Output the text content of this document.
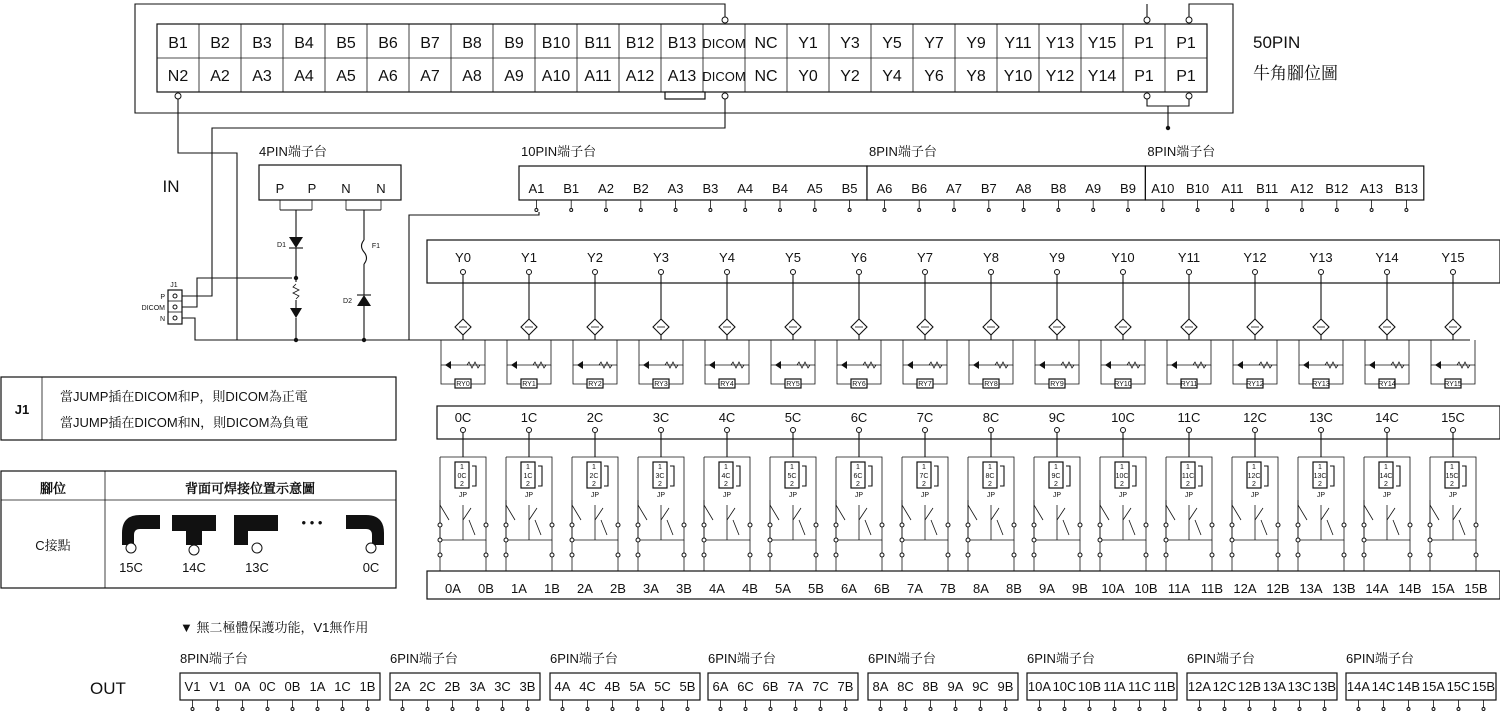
B1 B2 B3 B4 B5 B6 B7 B8 B9 B10 B11 B12 B13 DICOM NC Y1 Y3 Y5 Y7 Y9 Y11 Y13 Y15 P1 P1
N2 A2 A3 A4 A5 A6 A7 A8 A9 A10 A11 A12 A13 DICOM NC Y0 Y2 Y4 Y6 Y8 Y10 Y12 Y14 P1 P1
50PIN
牛角腳位圖
IN
J1
P
DICOM
N
P P N N
D1	F1
D2
4PIN端子台	10PIN端子台
A1 B1 A2 B2 A3 B3 A4 B4 A5 B5
8PIN端子台
A6 B6 A7 B7 A8 B8 A9 B9
8PIN端子台
A10 B10 A11 B11 A12 B12 A13 B13
Y0	Y1	Y2	Y3	Y4	Y5	Y6	Y7	Y8	Y9	Y10	Y11	Y12	Y13	Y14	Y15
RY0	RY1	RY2	RY3	RY4	RY5	RY6	RY7	RY8	RY9	RY10	RY11	RY12	RY13	RY14	RY15
0C	1C	2C	3C	4C	5C	6C	7C	8C	9C	10C	11C	12C	13C	14C	15C
1
0C
2
JP
1
1C
2
JP
1
2C
2
JP
1
3C
2
JP
1
4C
2
JP
1
5C
2
JP
1
6C
2
JP
1
7C
2
JP
1
8C
2
JP
1
9C
2
JP
1
10C
2
JP
1
11C
2
JP
1
12C
2
JP
1
13C
2
JP
1
14C
2
JP
1
15C
2
JP
0A 0B 1A 1B 2A 2B 3A 3B 4A 4B 5A 5B 6A 6B 7A 7B 8A 8B 9A 9B 10A 10B 11A 11B 12A 12B 13A 13B 14A 14B 15A 15B
J1
當JUMP插在DICOM和P，則DICOM為正電
當JUMP插在DICOM和N，則DICOM為負電
腳位	背面可焊接位置示意圖
C接點
• • •
15C	14C	13C	0C
▼ 無二極體保護功能，V1無作用
8PIN端子台
V1 V1 0A 0C 0B 1A 1C 1B
6PIN端子台
2A 2C 2B 3A 3C 3B
6PIN端子台
4A 4C 4B 5A 5C 5B
6PIN端子台
6A 6C 6B 7A 7C 7B
6PIN端子台
8A 8C 8B 9A 9C 9B
6PIN端子台
10A 10C 10B 11A 11C 11B
6PIN端子台
12A 12C 12B 13A 13C 13B
6PIN端子台
14A 14C 14B 15A 15C 15B
OUT
